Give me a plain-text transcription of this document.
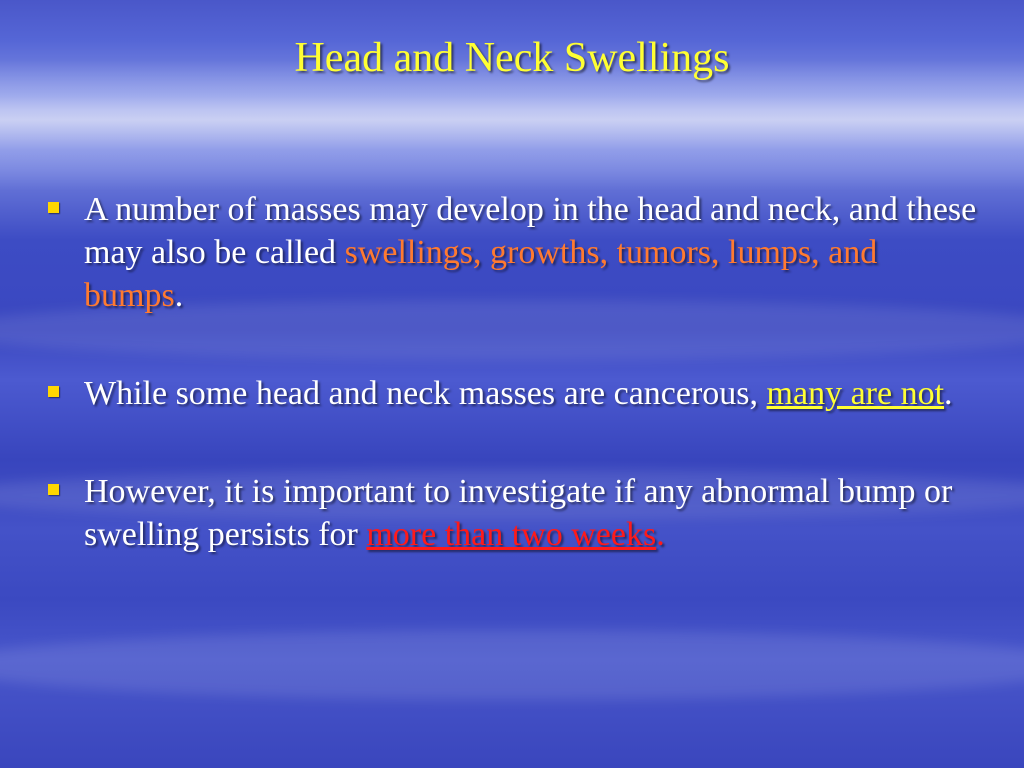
Head and Neck Swellings
A number of masses may develop in the head and neck, and these may also be called swellings, growths, tumors, lumps, and bumps.
While some head and neck masses are cancerous, many are not.
However, it is important to investigate if any abnormal bump or swelling persists for more than two weeks.
